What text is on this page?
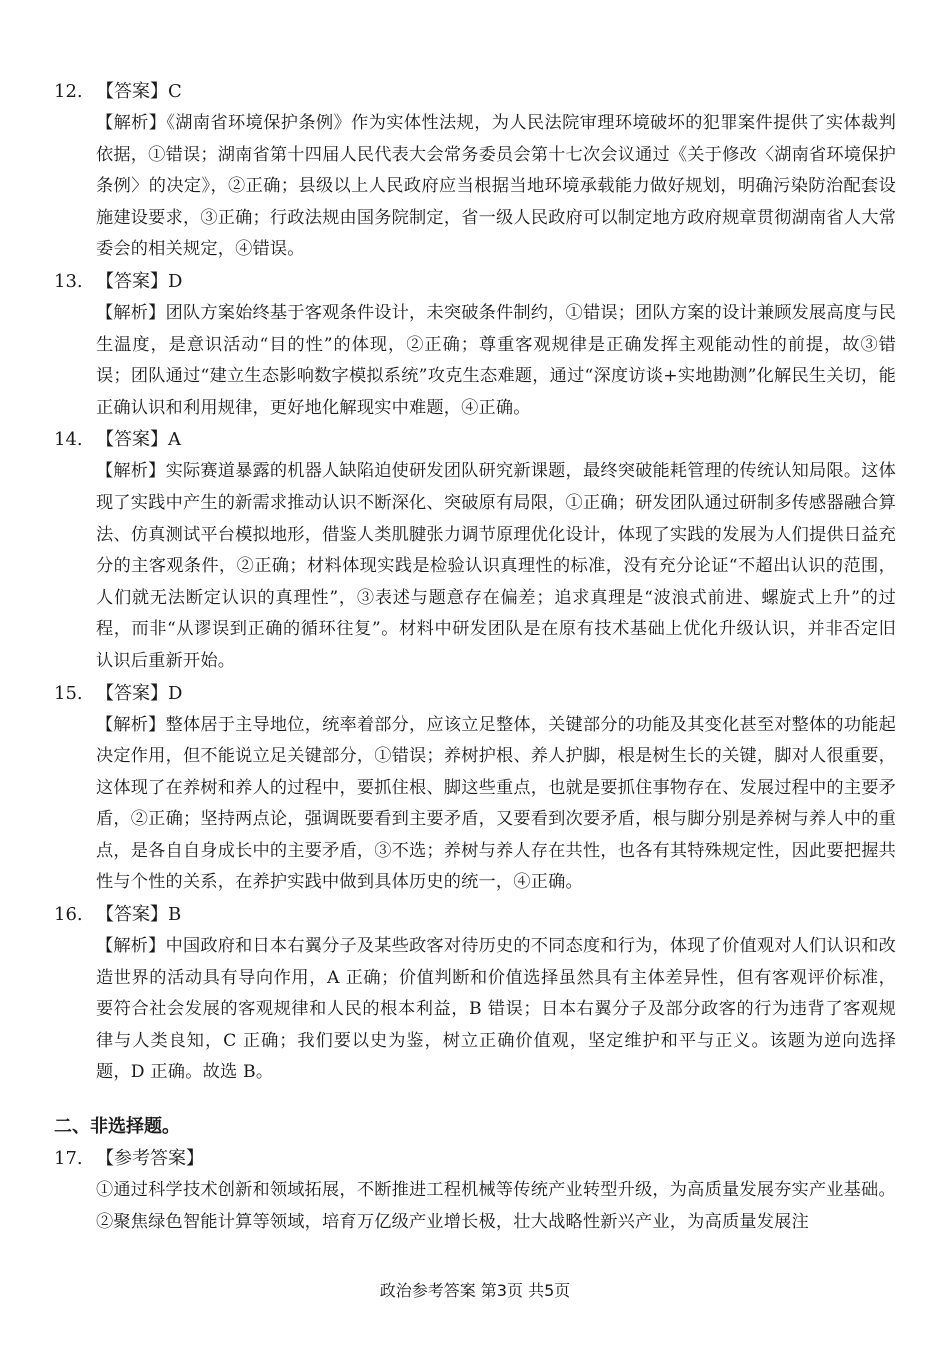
12. 【答案】C
【解析】《湖南省环境保护条例》作为实体性法规，为人民法院审理环境破坏的犯罪案件提供了实体裁判依据，①错误；湖南省第十四届人民代表大会常务委员会第十七次会议通过《关于修改〈湖南省环境保护条例〉的决定》，②正确；县级以上人民政府应当根据当地环境承载能力做好规划，明确污染防治配套设施建设要求，③正确；行政法规由国务院制定，省一级人民政府可以制定地方政府规章贯彻湖南省人大常委会的相关规定，④错误。
13. 【答案】D
【解析】团队方案始终基于客观条件设计，未突破条件制约，①错误；团队方案的设计兼顾发展高度与民生温度，是意识活动“目的性”的体现，②正确；尊重客观规律是正确发挥主观能动性的前提，故③错误；团队通过“建立生态影响数字模拟系统”攻克生态难题，通过“深度访谈+实地勘测”化解民生关切，能正确认识和利用规律，更好地化解现实中难题，④正确。
14. 【答案】A
【解析】实际赛道暴露的机器人缺陷迫使研发团队研究新课题，最终突破能耗管理的传统认知局限。这体现了实践中产生的新需求推动认识不断深化、突破原有局限，①正确；研发团队通过研制多传感器融合算法、仿真测试平台模拟地形，借鉴人类肌腱张力调节原理优化设计，体现了实践的发展为人们提供日益充分的主客观条件，②正确；材料体现实践是检验认识真理性的标准，没有充分论证“不超出认识的范围，人们就无法断定认识的真理性”，③表述与题意存在偏差；追求真理是“波浪式前进、螺旋式上升”的过程，而非“从谬误到正确的循环往复”。材料中研发团队是在原有技术基础上优化升级认识，并非否定旧认识后重新开始。
15. 【答案】D
【解析】整体居于主导地位，统率着部分，应该立足整体，关键部分的功能及其变化甚至对整体的功能起决定作用，但不能说立足关键部分，①错误；养树护根、养人护脚，根是树生长的关键，脚对人很重要，这体现了在养树和养人的过程中，要抓住根、脚这些重点，也就是要抓住事物存在、发展过程中的主要矛盾，②正确；坚持两点论，强调既要看到主要矛盾，又要看到次要矛盾，根与脚分别是养树与养人中的重点，是各自自身成长中的主要矛盾，③不选；养树与养人存在共性，也各有其特殊规定性，因此要把握共性与个性的关系，在养护实践中做到具体历史的统一，④正确。
16. 【答案】B
【解析】中国政府和日本右翼分子及某些政客对待历史的不同态度和行为，体现了价值观对人们认识和改造世界的活动具有导向作用，A 正确；价值判断和价值选择虽然具有主体差异性，但有客观评价标准，要符合社会发展的客观规律和人民的根本利益，B 错误；日本右翼分子及部分政客的行为违背了客观规律与人类良知，C 正确；我们要以史为鉴，树立正确价值观，坚定维护和平与正义。该题为逆向选择题，D 正确。故选 B。
二、非选择题。
17. 【参考答案】
①通过科学技术创新和领域拓展，不断推进工程机械等传统产业转型升级，为高质量发展夯实产业基础。
②聚焦绿色智能计算等领域，培育万亿级产业增长极，壮大战略性新兴产业，为高质量发展注
政治参考答案 第3页 共5页
